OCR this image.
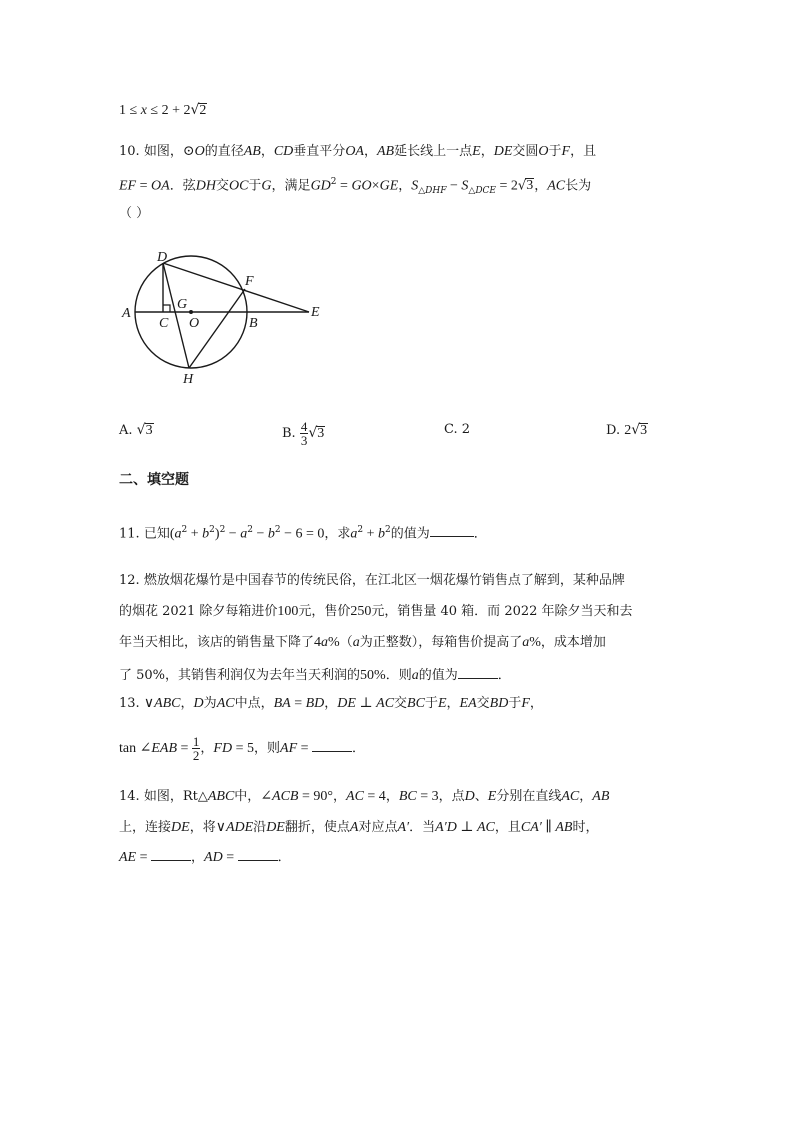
1 ≤ x ≤ 2 + 2√2
10. 如图，⊙O的直径AB，CD垂直平分OA，AB延长线上一点E，DE交圆O于F，且
EF = OA．弦DH交OC于G，满足$GD^2 = GO\times GE$，$S_{\triangle DHF} - S_{\triangle DCE} = 2√3$，AC长为
（ ）
D
F
A
G
C O	B
E
H
A. √3	B. $\frac{4}{3} √3$	C. 2	D. 2√3
二、填空题
11. 已知$(a^2 + b^2)^2 - a^2 - b^2 - 6 = 0$，求$a^2 + b^2$的值为	．
12. 燃放烟花爆竹是中国春节的传统民俗，在江北区一烟花爆竹销售点了解到，某种品牌
的烟花 2021 除夕每箱进价100元，售价250元，销售量 40 箱．而 2022 年除夕当天和去
年当天相比，该店的销售量下降了4a%（a为正整数），每箱售价提高了a%，成本增加
了 50%，其销售利润仅为去年当天利润的50%．则a的值为	．
13. ∨ABC，D为AC中点，BA = BD，DE ⊥ AC交BC于E，EA交BD于F，
tan ∠EAB = $\frac{1}{2}$ ，FD = 5，则AF =	．
14. 如图，Rt△ABC中，∠ACB = 90°，AC = 4，BC = 3，点D、E分别在直线AC，AB
上，连接DE，将∨ADE沿DE翻折，使点A对应点A′．当A′D ⊥ AC，且CA′ ∥ AB时，
AE =	，AD =	．
